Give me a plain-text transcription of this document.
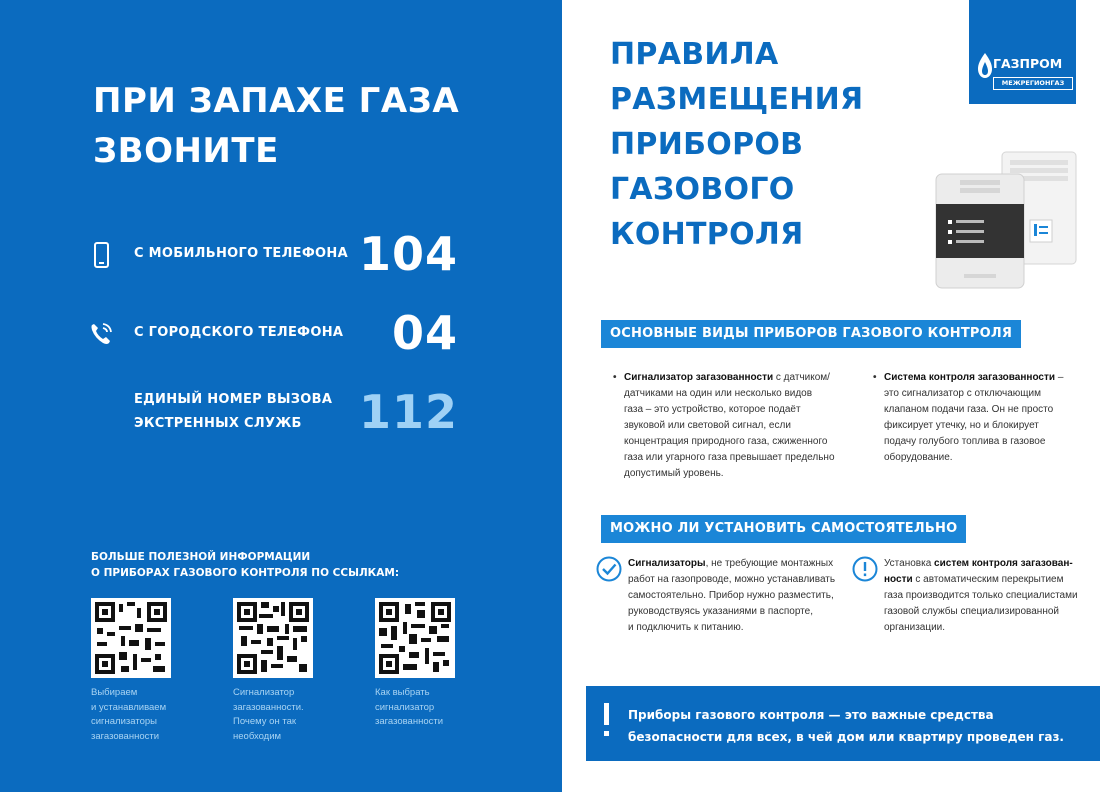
ПРИ ЗАПАХЕ ГАЗА
ЗВОНИТЕ
С МОБИЛЬНОГО ТЕЛЕФОНА 104
С ГОРОДСКОГО ТЕЛЕФОНА 04
ЕДИНЫЙ НОМЕР ВЫЗОВА
ЭКСТРЕННЫХ СЛУЖБ	112
БОЛЬШЕ ПОЛЕЗНОЙ ИНФОРМАЦИИ
О ПРИБОРАХ ГАЗОВОГО КОНТРОЛЯ ПО ССЫЛКАМ:
Выбираем
и устанавливаем
сигнализаторы
загазованности
Сигнализатор
загазованности.
Почему он так
необходим
Как выбрать
сигнализатор
загазованности
ПРАВИЛА
РАЗМЕЩЕНИЯ
ПРИБОРОВ ГАЗОВОГО
КОНТРОЛЯ
ГАЗПРОМ
МЕЖРЕГИОНГАЗ
ОСНОВНЫЕ ВИДЫ ПРИБОРОВ ГАЗОВОГО КОНТРОЛЯ
• Сигнализатор загазованности с датчиком/
датчиками на один или несколько видов
газа – это устройство, которое подаёт
звуковой или световой сигнал, если
концентрация природного газа, сжиженного
газа или угарного газа превышает предельно
допустимый уровень.
• Система контроля загазованности –
это сигнализатор с отключающим
клапаном подачи газа. Он не просто
фиксирует утечку, но и блокирует
подачу голубого топлива в газовое
оборудование.
МОЖНО ЛИ УСТАНОВИТЬ САМОСТОЯТЕЛЬНО
Сигнализаторы, не требующие монтажных
работ на газопроводе, можно устанавливать
самостоятельно. Прибор нужно разместить,
руководствуясь указаниями в паспорте,
и подключить к питанию.
Установка систем контроля загазован-
ности с автоматическим перекрытием
газа производится только специалистами
газовой службы специализированной
организации.
Приборы газового контроля — это важные средства
безопасности для всех, в чей дом или квартиру проведен газ.
